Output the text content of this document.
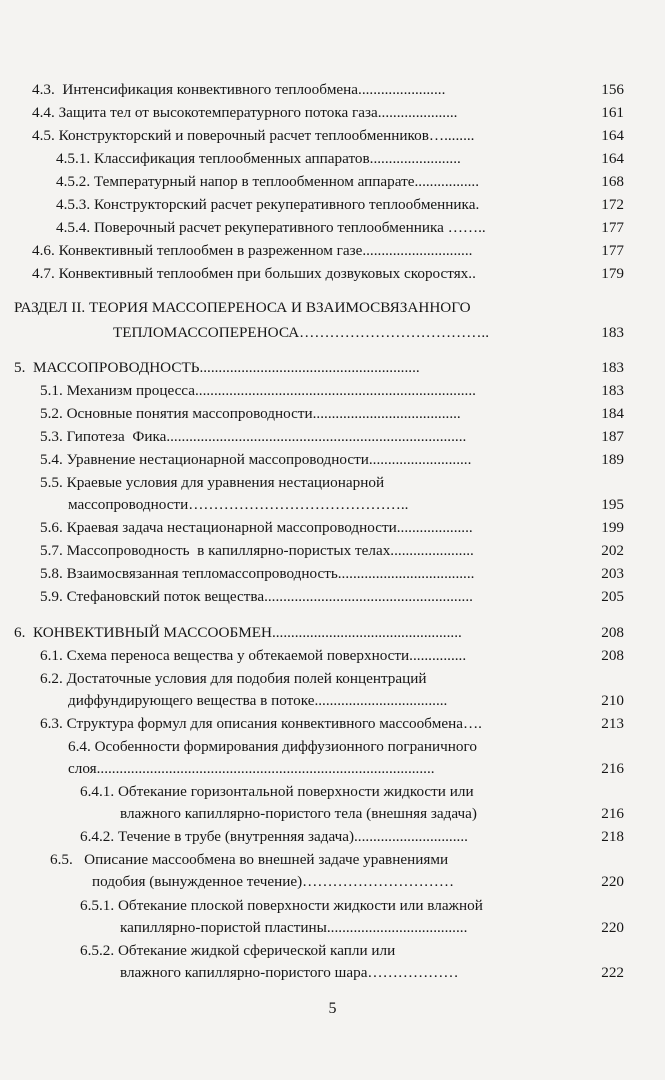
4.3.  Интенсификация конвективного теплообмена.......................	156
4.4. Защита тел от высокотемпературного потока газа.....................	161
4.5. Конструкторский и поверочный расчет теплообменников…........	164
4.5.1. Классификация теплообменных аппаратов........................	164
4.5.2. Температурный напор в теплообменном аппарате.................	168
4.5.3. Конструкторский расчет рекуперативного теплообменника.	172
4.5.4. Поверочный расчет рекуперативного теплообменника ……..	177
4.6. Конвективный теплообмен в разреженном газе.............................	177
4.7. Конвективный теплообмен при больших дозвуковых скоростях..	179
РАЗДЕЛ II. ТЕОРИЯ МАССОПЕРЕНОСА И ВЗАИМОСВЯЗАННОГО
ТЕПЛОМАССОПЕРЕНОСА………………………………..	183
5.  МАССОПРОВОДНОСТЬ..........................................................	183
5.1. Механизм процесса..........................................................................	183
5.2. Основные понятия массопроводности.......................................	184
5.3. Гипотеза  Фика...............................................................................	187
5.4. Уравнение нестационарной массопроводности...........................	189
5.5. Краевые условия для уравнения нестационарной
массопроводности……………………………………..	195
5.6. Краевая задача нестационарной массопроводности....................	199
5.7. Массопроводность  в капиллярно-пористых телах......................	202
5.8. Взаимосвязанная тепломассопроводность....................................	203
5.9. Стефановский поток вещества.......................................................	205
6.  КОНВЕКТИВНЫЙ МАССООБМЕН..................................................	208
6.1. Схема переноса вещества у обтекаемой поверхности...............	208
6.2. Достаточные условия для подобия полей концентраций
диффундирующего вещества в потоке...................................	210
6.3. Структура формул для описания конвективного массообмена….	213
6.4. Особенности формирования диффузионного пограничного
слоя.........................................................................................	216
6.4.1. Обтекание горизонтальной поверхности жидкости или
влажного капиллярно-пористого тела (внешняя задача)	216
6.4.2. Течение в трубе (внутренняя задача)..............................	218
6.5.   Описание массообмена во внешней задаче уравнениями
подобия (вынужденное течение)…………………………	220
6.5.1. Обтекание плоской поверхности жидкости или влажной
капиллярно-пористой пластины.....................................	220
6.5.2. Обтекание жидкой сферической капли или
влажного капиллярно-пористого шара………………	222
5
